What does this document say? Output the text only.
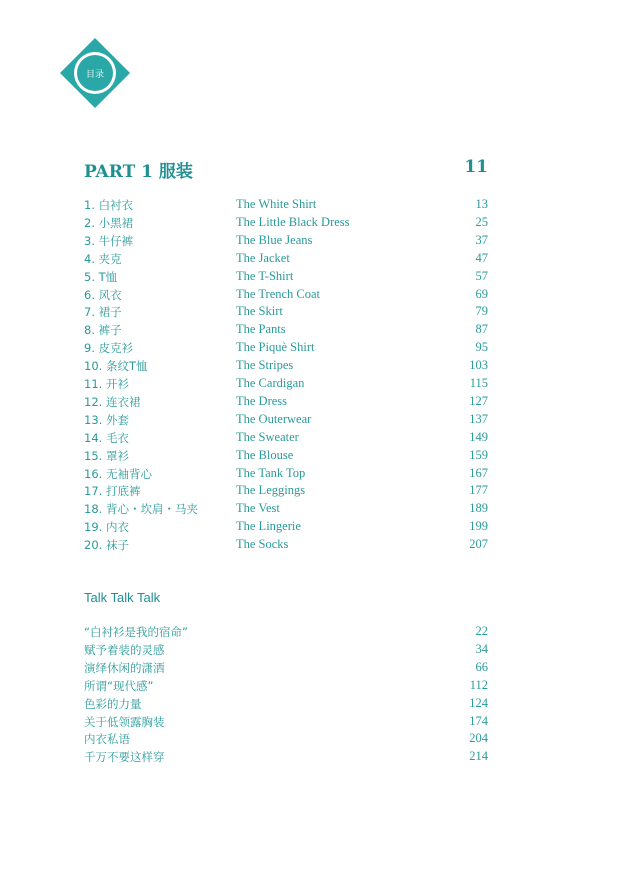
目录
PART 1 服装	11
1. 白衬衣	The White Shirt	13
2. 小黑裙	The Little Black Dress	25
3. 牛仔裤	The Blue Jeans	37
4. 夹克	The Jacket	47
5. T恤	The T-Shirt	57
6. 风衣	The Trench Coat	69
7. 裙子	The Skirt	79
8. 裤子	The Pants	87
9. 皮克衫	The Piquè Shirt	95
10. 条纹T恤	The Stripes	103
11. 开衫	The Cardigan	115
12. 连衣裙	The Dress	127
13. 外套	The Outerwear	137
14. 毛衣	The Sweater	149
15. 罩衫	The Blouse	159
16. 无袖背心	The Tank Top	167
17. 打底裤	The Leggings	177
18. 背心・坎肩・马夹	The Vest	189
19. 内衣	The Lingerie	199
20. 袜子	The Socks	207
Talk Talk Talk
“白衬衫是我的宿命”	22
赋予着装的灵感	34
演绎休闲的潇洒	66
所谓“现代感”	112
色彩的力量	124
关于低领露胸装	174
内衣私语	204
千万不要这样穿	214
